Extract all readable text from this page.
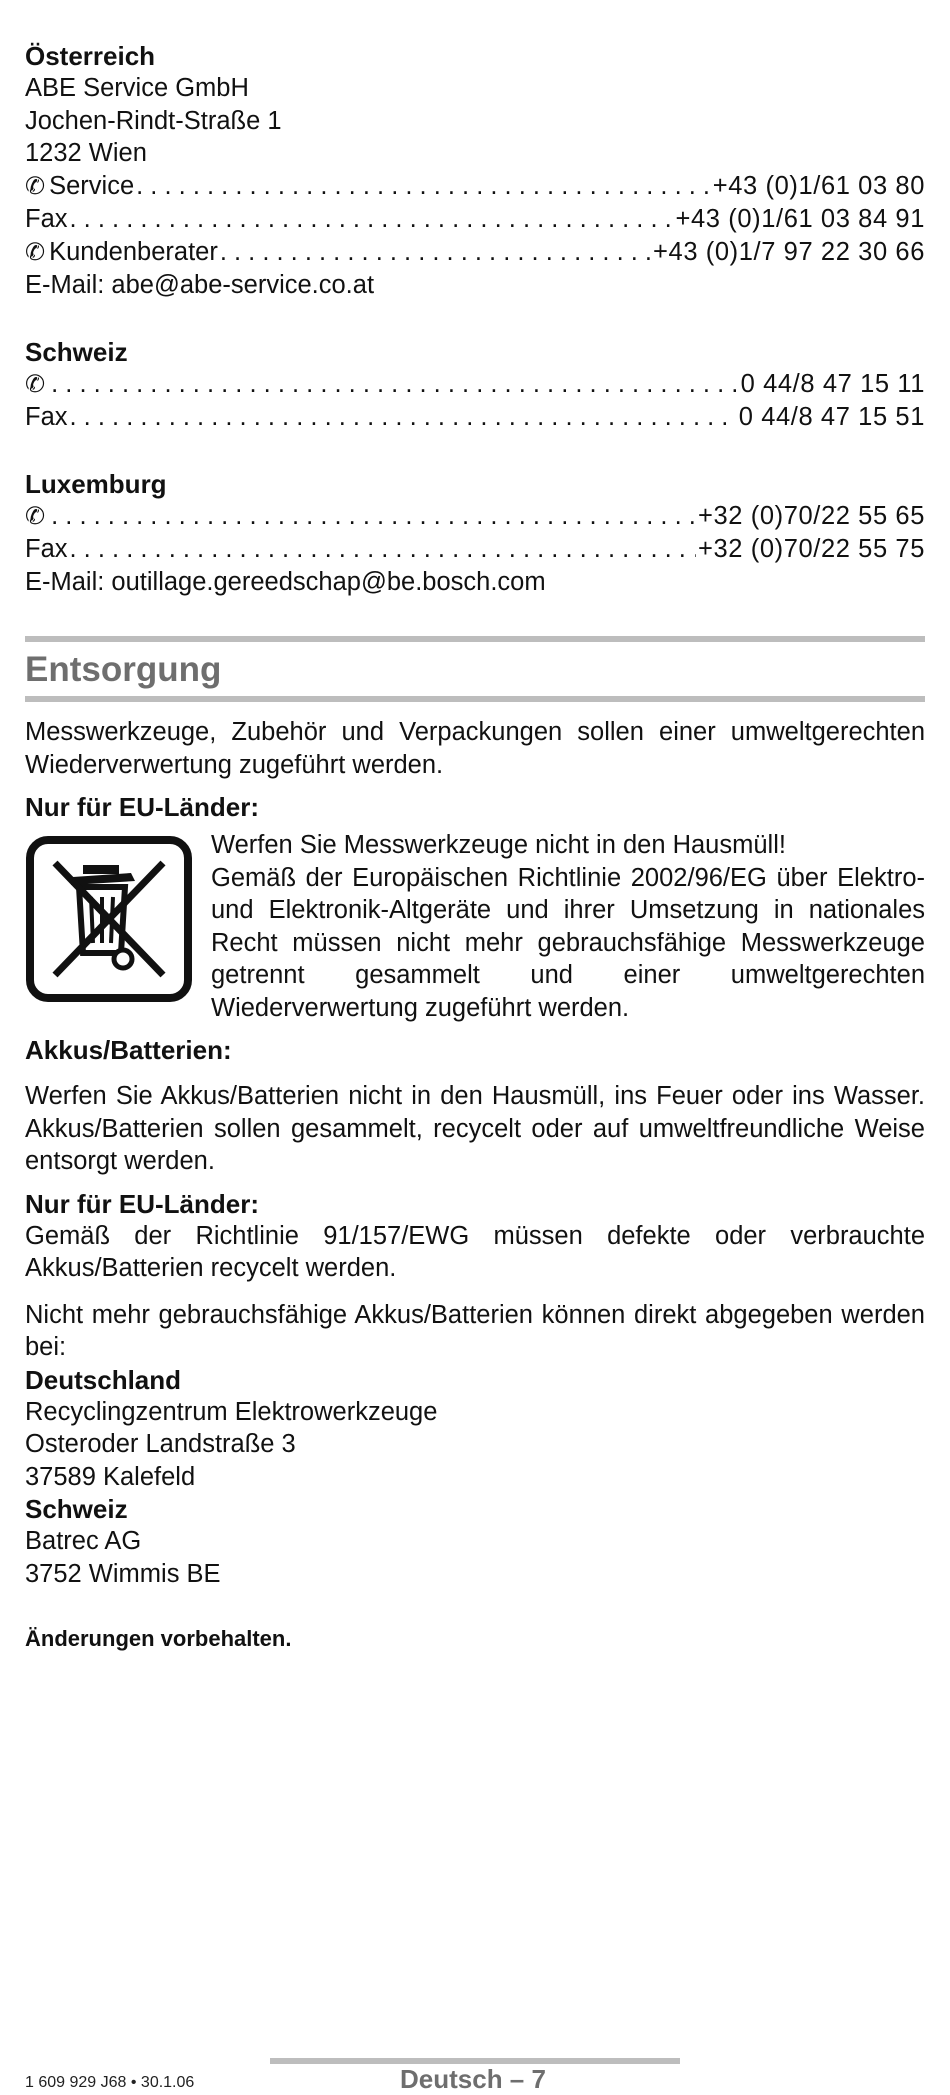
Österreich

ABE Service GmbH

Jochen-Rindt-Straße 1

1232 Wien

✆ Service . . .	+43 (0)1/61 03 80
Fax . . .	+43 (0)1/61 03 84 91
✆ Kundenberater . . .	+43 (0)1/7 97 22 30 66

E-Mail: abe@abe-service.co.at

Schweiz
✆ . . .	0 44/8 47 15 11
Fax . . .	0 44/8 47 15 51
Luxemburg
✆ . . .	+32 (0)70/22 55 65
Fax . . .	+32 (0)70/22 55 75

E-Mail: outillage.gereedschap@be.bosch.com

Entsorgung

Messwerkzeuge, Zubehör und Verpackungen sollen einer umweltgerechten Wiederverwertung zugeführt werden.

Nur für EU-Länder:

Werfen Sie Messwerkzeuge nicht in den Hausmüll!

Gemäß der Europäischen Richtlinie 2002/96/EG über Elektro- und Elektronik-Altgeräte und ihrer Umsetzung in nationales Recht müssen nicht mehr gebrauchsfähige Messwerkzeuge getrennt gesammelt und einer umweltgerechten Wiederverwertung zugeführt werden.

Akkus/Batterien:

Werfen Sie Akkus/Batterien nicht in den Hausmüll, ins Feuer oder ins Wasser. Akkus/Batterien sollen gesammelt, recycelt oder auf umweltfreundliche Weise entsorgt werden.

Nur für EU-Länder:

Gemäß der Richtlinie 91/157/EWG müssen defekte oder verbrauchte Akkus/Batterien recycelt werden.

Nicht mehr gebrauchsfähige Akkus/Batterien können direkt abgegeben werden bei:

Deutschland

Recyclingzentrum Elektrowerkzeuge

Osteroder Landstraße 3

37589 Kalefeld

Schweiz

Batrec AG

3752 Wimmis BE

Änderungen vorbehalten.

1 609 929 J68 • 30.1.06	Deutsch – 7
